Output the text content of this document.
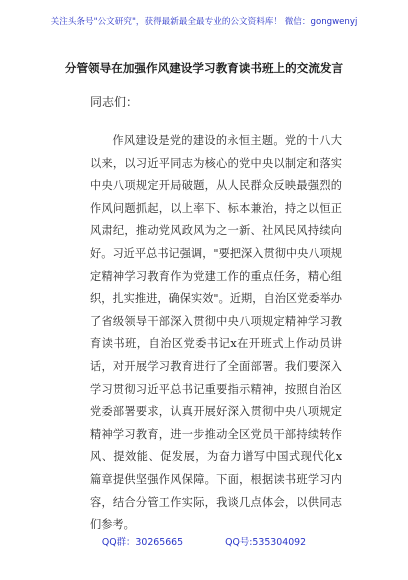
关注头条号"公文研究"，获得最新最全最专业的公文资料库！ 微信：gongwenyj
分管领导在加强作风建设学习教育读书班上的交流发言
同志们：

作风建设是党的建设的永恒主题。党的十八大以来，以习近平同志为核心的党中央以制定和落实中央八项规定开局破题，从人民群众反映最强烈的作风问题抓起，以上率下、标本兼治，持之以恒正风肃纪，推动党风政风为之一新、社风民风持续向好。习近平总书记强调，"要把深入贯彻中央八项规定精神学习教育作为党建工作的重点任务，精心组织，扎实推进，确保实效"。近期，自治区党委举办了省级领导干部深入贯彻中央八项规定精神学习教育读书班，自治区党委书记x在开班式上作动员讲话，对开展学习教育进行了全面部署。我们要深入学习贯彻习近平总书记重要指示精神，按照自治区党委部署要求，认真开展好深入贯彻中央八项规定精神学习教育，进一步推动全区党员干部持续转作风、提效能、促发展，为奋力谱写中国式现代化x篇章提供坚强作风保障。下面，根据读书班学习内容，结合分管工作实际，我谈几点体会，以供同志们参考。

QQ群：30265665	QQ号:535304092
